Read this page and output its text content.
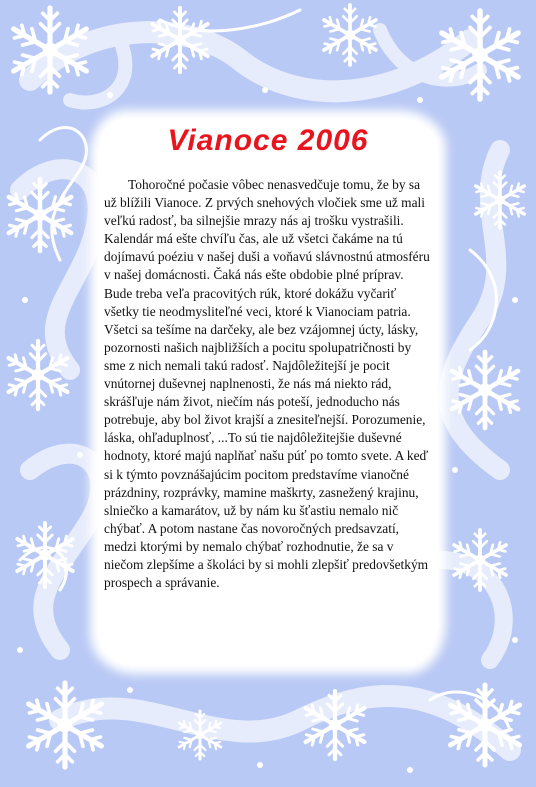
Vianoce 2006

Tohoročné počasie vôbec nenasvedčuje tomu, že by sa už blížili Vianoce. Z prvých snehových vločiek sme už mali veľkú radosť, ba silnejšie mrazy nás aj trošku vystrašili. Kalendár má ešte chvíľu čas, ale už všetci čakáme na tú dojímavú poéziu v našej duši a voňavú slávnostnú atmosféru v našej domácnosti. Čaká nás ešte obdobie plné príprav. Bude treba veľa pracovitých rúk, ktoré dokážu vyčariť všetky tie neodmysliteľné veci, ktoré k Vianociam patria. Všetci sa tešíme na darčeky, ale bez vzájomnej úcty, lásky, pozornosti našich najbližších a pocitu spolupatričnosti by sme z nich nemali takú radosť. Najdôležitejší je pocit vnútornej duševnej naplnenosti, že nás má niekto rád, skrášľuje nám život, niečím nás poteší, jednoducho nás potrebuje, aby bol život krajší a znesiteľnejší. Porozumenie, láska, ohľaduplnosť, ...To sú tie najdôležitejšie duševné hodnoty, ktoré majú naplňať našu púť po tomto svete. A keď si k týmto povznášajúcim pocitom predstavíme vianočné prázdniny, rozprávky, mamine maškrty, zasnežený krajinu, slniečko a kamarátov, už by nám ku šťastiu nemalo nič chýbať. A potom nastane čas novoročných predsavzatí, medzi ktorými by nemalo chýbať rozhodnutie, že sa v niečom zlepšíme a školáci by si mohli zlepšiť predovšetkým prospech a správanie.
